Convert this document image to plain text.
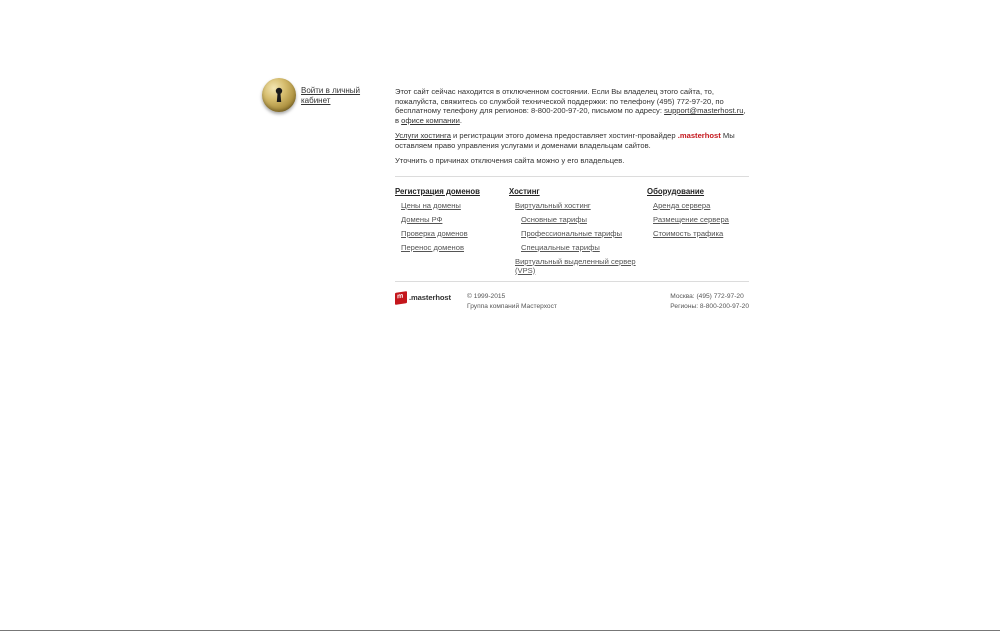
Войти в личный кабинет

Этот сайт сейчас находится в отключенном состоянии. Если Вы владелец этого сайта, то, пожалуйста, свяжитесь со службой технической поддержки: по телефону (495) 772-97-20, по бесплатному телефону для регионов: 8-800-200-97-20, письмом по адресу: support@masterhost.ru, в офисе компании.

Услуги хостинга и регистрации этого домена предоставляет хостинг-провайдер .masterhost Мы оставляем право управления услугами и доменами владельцам сайтов.

Уточнить о причинах отключения сайта можно у его владельцев.

Регистрация доменов
Цены на домены
Домены РФ
Проверка доменов
Перенос доменов
Хостинг
Виртуальный хостинг
Основные тарифы
Профессиональные тарифы
Специальные тарифы
Виртуальный выделенный сервер (VPS)
Оборудование
Аренда сервера
Размещение сервера
Стоимость трафика
m .masterhost © 1999-2015
Группа компаний Мастерхост
Москва: (495) 772-97-20
Регионы: 8-800-200-97-20
